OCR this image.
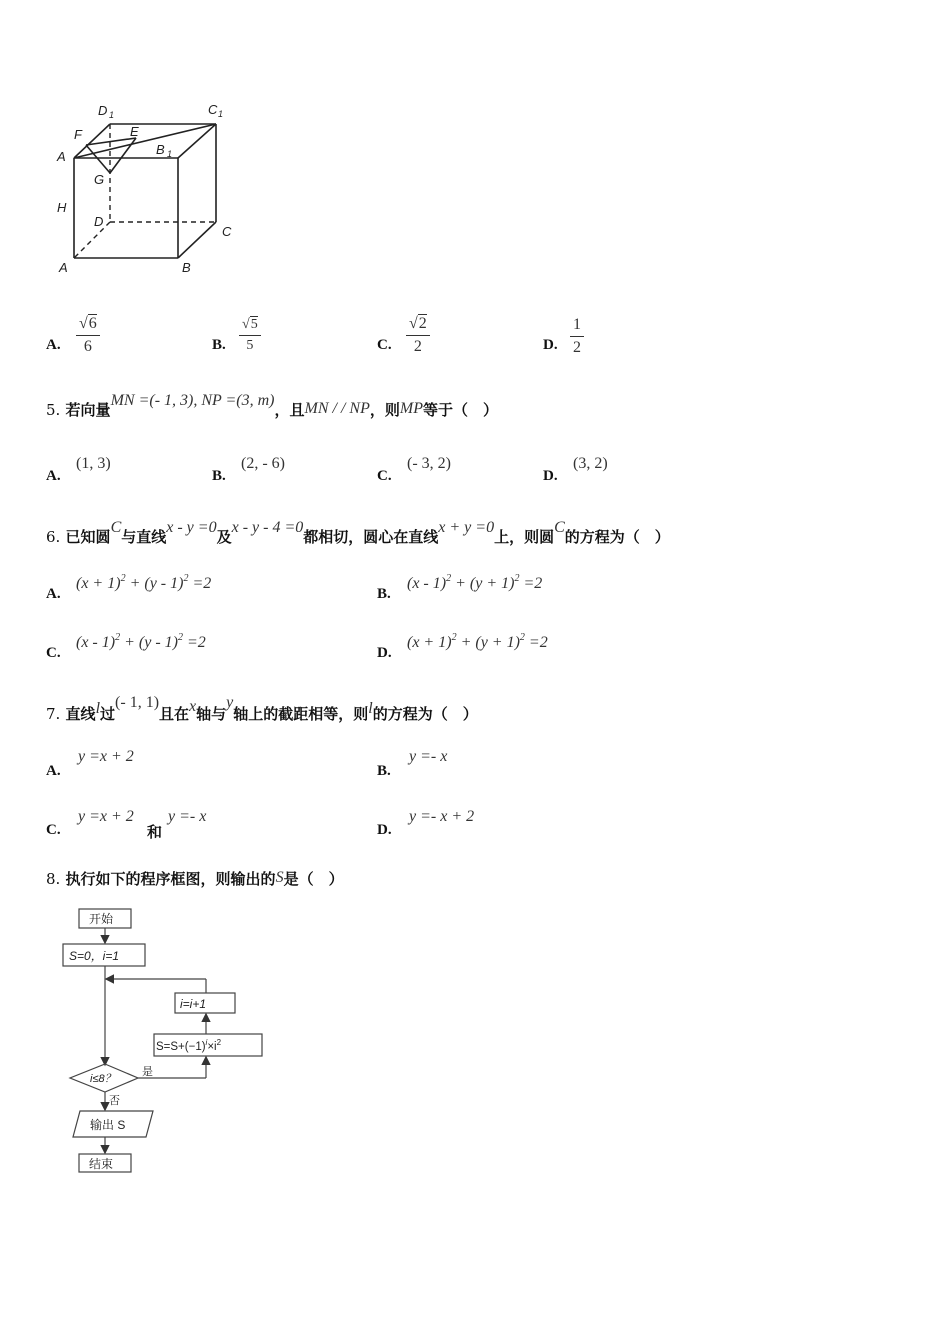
D 1	C 1
F	E
A	B 1
G
H
D
C
A	B
A. $\frac{√6}{6}$	B. $\frac{√5}{5}$	C. $\frac{√2}{2}$	D. $\frac{1}{2}$
5. 若向量MN =(- 1, 3), NP =(3, m)，且MN / / NP，则MP等于（　）
A.
(1, 3)
B.
(2, - 6)
C.
(- 3, 2)
D.
(3, 2)
6. 已知圆C与直线x - y =0及x - y - 4 =0都相切，圆心在直线x + y =0上，则圆C的方程为（　）
A.
$(x + 1)^2 + (y - 1)^2 =2$
B.
$(x - 1)^2 + (y + 1)^2 =2$
C.
(x - 1)$^2$ + (y - 1)$^2$ =2
D.
$(x + 1)^2 + (y + 1)^2 =2$
7. 直线l过(- 1, 1)且在x轴与y轴上的截距相等，则l的方程为（　）
A.
y =x + 2
B.
y =- x
C.
y =x + 2
和
y =- x
D.
y =- x + 2
8. 执行如下的程序框图，则输出的S是（　）
开始
S=0，i=1
i=i+1
$S=S+(-1)^i\times i^2$
i≤8？
是
否
输出 S
结束
